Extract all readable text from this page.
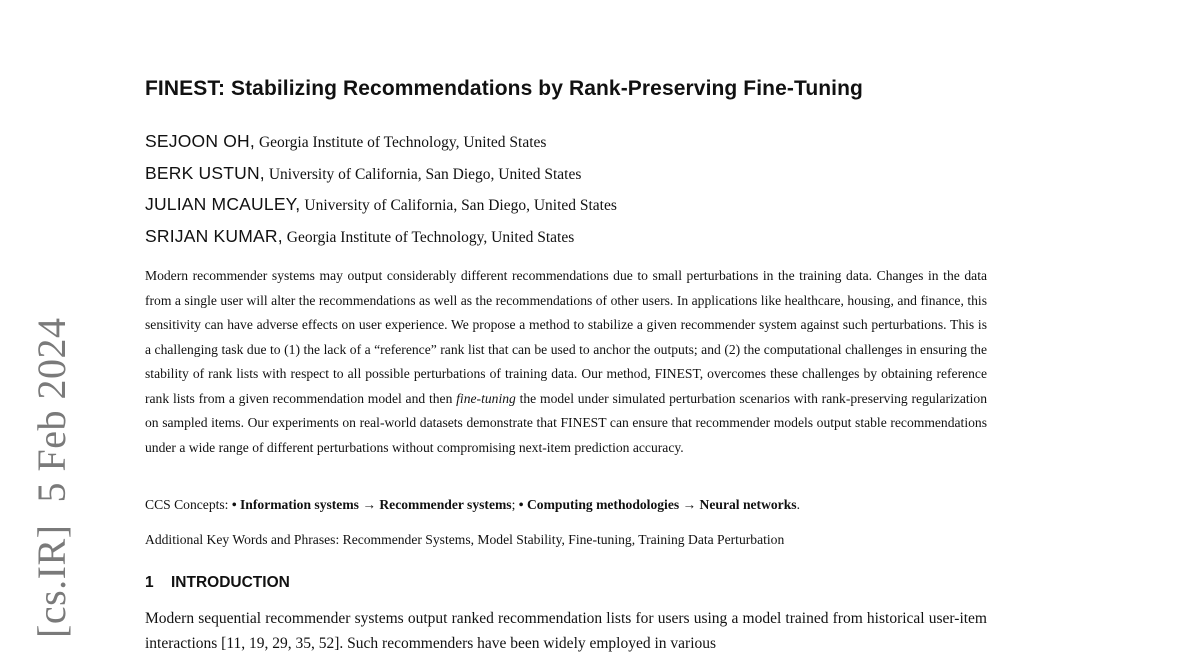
[cs.IR]5 Feb 2024
FINEST: Stabilizing Recommendations by Rank-Preserving Fine-Tuning
SEJOON OH, Georgia Institute of Technology, United States
BERK USTUN, University of California, San Diego, United States
JULIAN MCAULEY, University of California, San Diego, United States
SRIJAN KUMAR, Georgia Institute of Technology, United States
Modern recommender systems may output considerably different recommendations due to small perturbations in the training data. Changes in the data from a single user will alter the recommendations as well as the recommendations of other users. In applications like healthcare, housing, and finance, this sensitivity can have adverse effects on user experience. We propose a method to stabilize a given recommender system against such perturbations. This is a challenging task due to (1) the lack of a “reference” rank list that can be used to anchor the outputs; and (2) the computational challenges in ensuring the stability of rank lists with respect to all possible perturbations of training data. Our method, FINEST, overcomes these challenges by obtaining reference rank lists from a given recommendation model and then fine-tuning the model under simulated perturbation scenarios with rank-preserving regularization on sampled items. Our experiments on real-world datasets demonstrate that FINEST can ensure that recommender models output stable recommendations under a wide range of different perturbations without compromising next-item prediction accuracy.
CCS Concepts: • Information systems → Recommender systems; • Computing methodologies → Neural networks.
Additional Key Words and Phrases: Recommender Systems, Model Stability, Fine-tuning, Training Data Perturbation
1 INTRODUCTION
Modern sequential recommender systems output ranked recommendation lists for users using a model trained from historical user-item interactions [11, 19, 29, 35, 52]. Such recommenders have been widely employed in various
